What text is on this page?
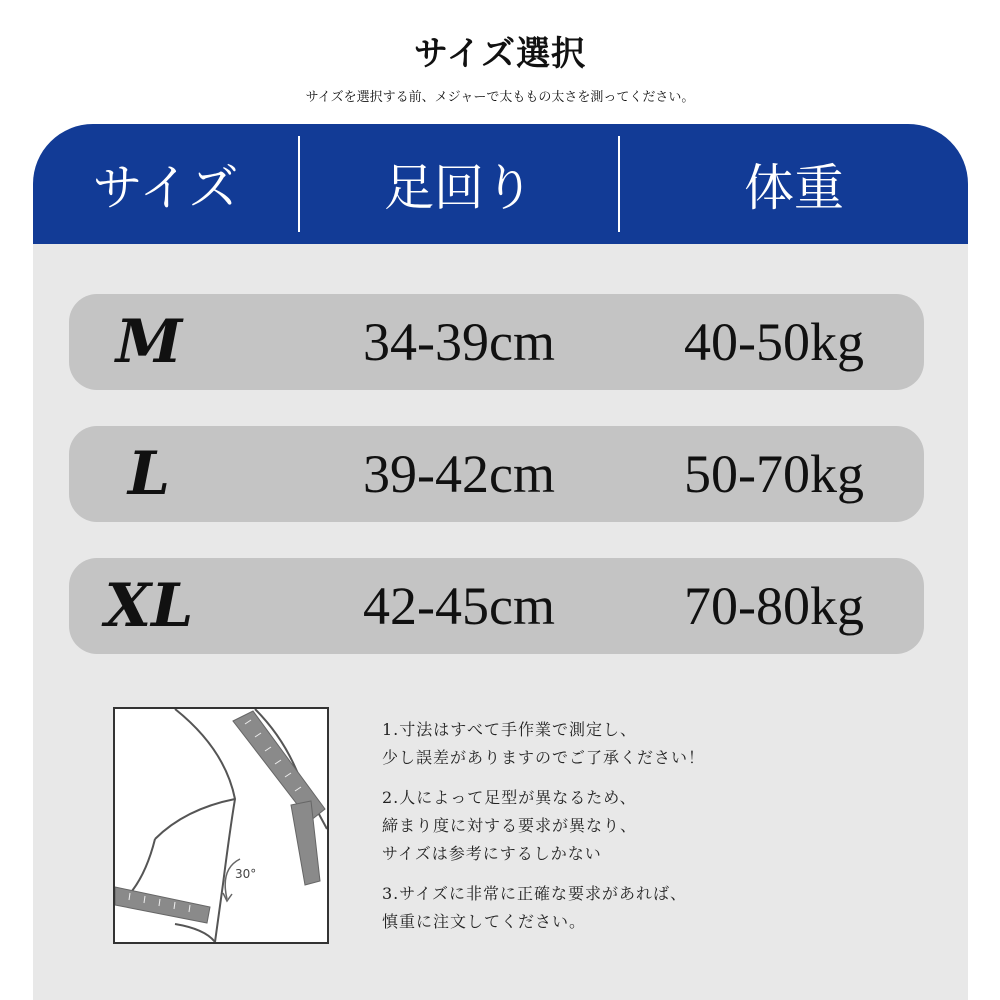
サイズ選択
サイズを選択する前、メジャーで太ももの太さを測ってください。
サイズ	足回り	体重
M	34-39cm	40-50kg
L	39-42cm	50-70kg
XL	42-45cm	70-80kg
30°
1.寸法はすべて手作業で測定し、
少し誤差がありますのでご了承ください！
2.人によって足型が異なるため、
締まり度に対する要求が異なり、
サイズは参考にするしかない
3.サイズに非常に正確な要求があれば、
慎重に注文してください。
